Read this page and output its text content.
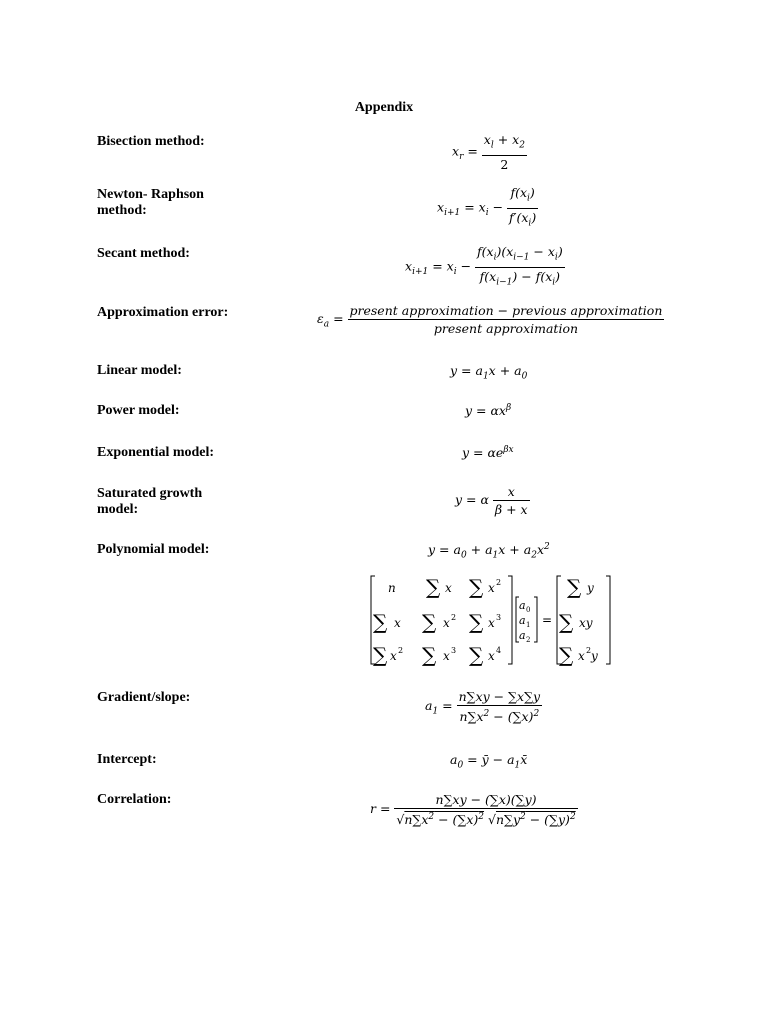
Appendix
Bisection method:
Newton- Raphson method:
Secant method:
Approximation error:
Linear model:
Power model:
Exponential model:
Saturated growth model:
Polynomial model:
Gradient/slope:
Intercept:
Correlation:
$x_r = \frac{x_l + x_2}{2}$
$x_{i+1} = x_i - \frac{f(x_i)}{f'(x_i)}$
$x_{i+1} = x_i - \frac{f(x_i)(x_{i-1} - x_i)}{f(x_{i-1}) - f(x_i)}$
$\varepsilon_a = \frac{\text{present approximation − previous approximation}}{\text{present approximation}}$
$y = a_1x + a_0$
$y = \alpha x^\beta$
$y = \alpha e^{\beta x}$
y = α $\frac{x}{\beta + x}$
$y = a_0 + a_1x + a_2x^2$
n ∑ x ∑ x 2
∑ x ∑ x 2 ∑ x 3
∑ x 2 ∑ x 3 ∑ x 4
a 0
a 1
a 2
=
∑ y
∑ xy
∑ x 2 y
$a_1 = \frac{n\sum xy - \sum x\sum y}{n\sum x^2 - (\sum x)^2}$
$a_0$ = ȳ − $a_1x̄$
$r = \frac{n\sum xy - (\sum x)(\sum y)}{√n\sum x^2 - (\sum x)^2 √n\sum y^2 - (\sum y)^2}$
